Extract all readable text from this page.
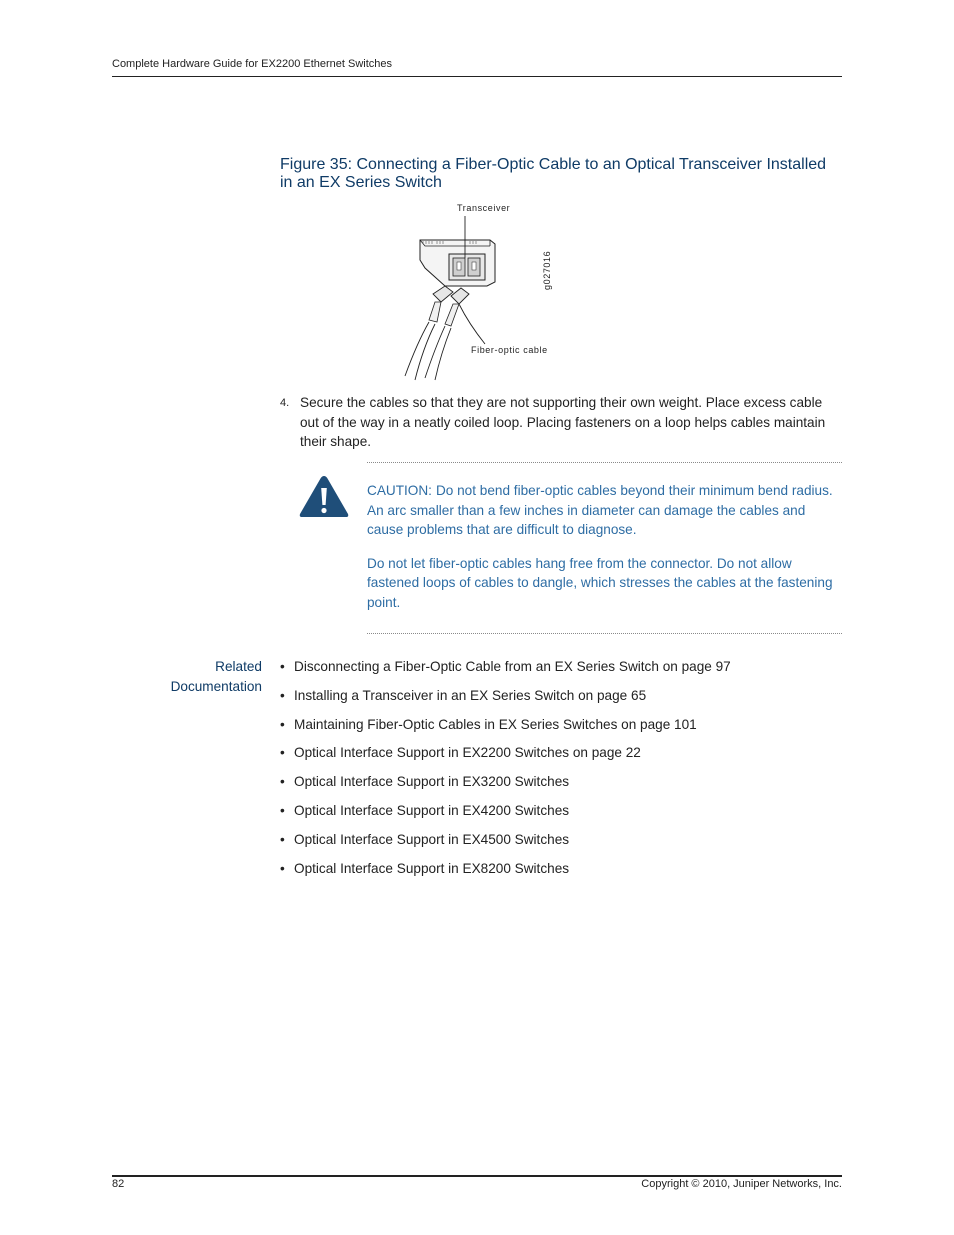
Complete Hardware Guide for EX2200 Ethernet Switches
Figure 35: Connecting a Fiber-Optic Cable to an Optical Transceiver Installed in an EX Series Switch
Transceiver
Fiber-optic cable
g027016
4. Secure the cables so that they are not supporting their own weight. Place excess cable out of the way in a neatly coiled loop. Placing fasteners on a loop helps cables maintain their shape.

CAUTION: Do not bend fiber-optic cables beyond their minimum bend radius. An arc smaller than a few inches in diameter can damage the cables and cause problems that are difficult to diagnose.

Do not let fiber-optic cables hang free from the connector. Do not allow fastened loops of cables to dangle, which stresses the cables at the fastening point.

Related
Documentation
• Disconnecting a Fiber-Optic Cable from an EX Series Switch on page 97
• Installing a Transceiver in an EX Series Switch on page 65
• Maintaining Fiber-Optic Cables in EX Series Switches on page 101
• Optical Interface Support in EX2200 Switches on page 22
• Optical Interface Support in EX3200 Switches
• Optical Interface Support in EX4200 Switches
• Optical Interface Support in EX4500 Switches
• Optical Interface Support in EX8200 Switches
82	Copyright © 2010, Juniper Networks, Inc.
